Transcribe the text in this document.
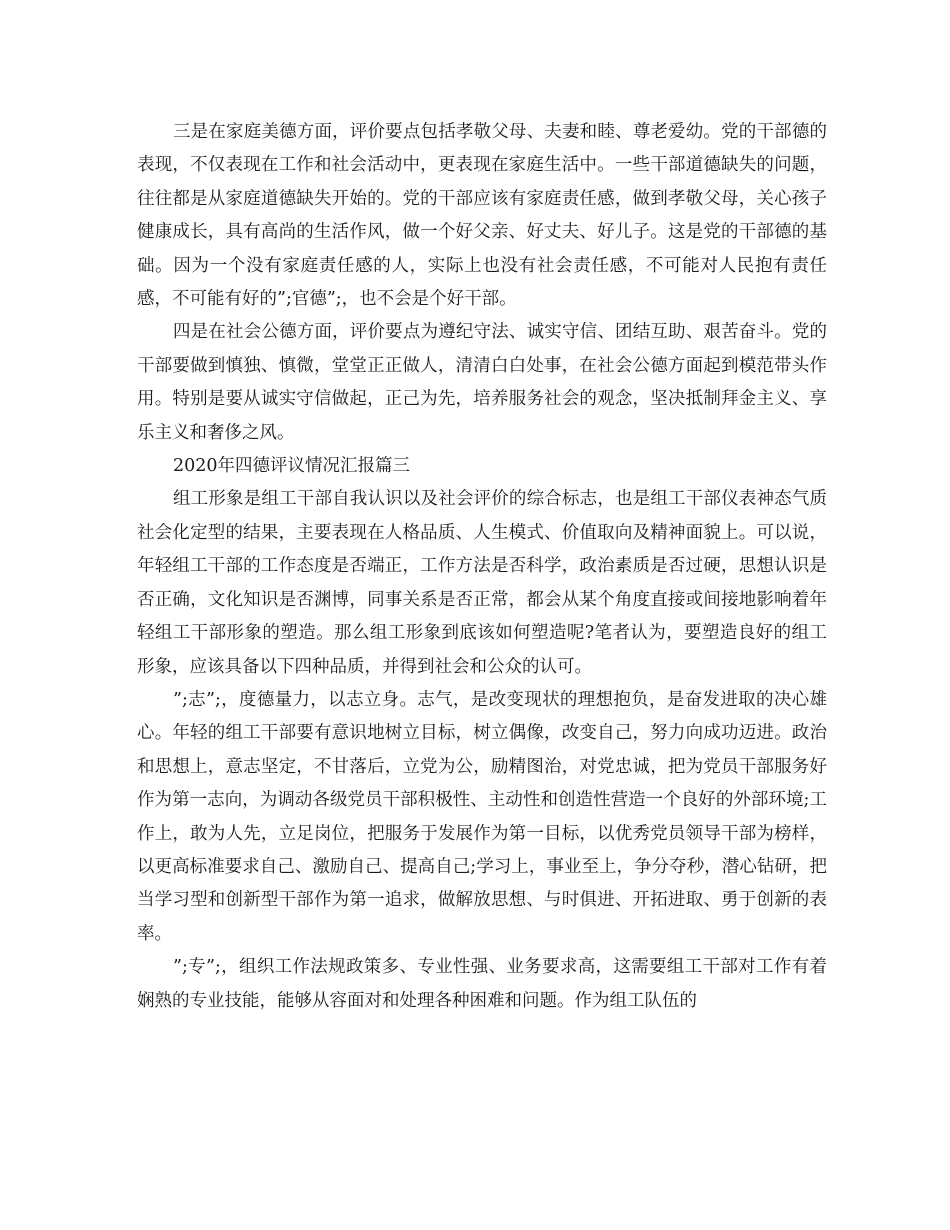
三是在家庭美德方面，评价要点包括孝敬父母、夫妻和睦、尊老爱幼。党的干部德的表现，不仅表现在工作和社会活动中，更表现在家庭生活中。一些干部道德缺失的问题，往往都是从家庭道德缺失开始的。党的干部应该有家庭责任感，做到孝敬父母，关心孩子健康成长，具有高尚的生活作风，做一个好父亲、好丈夫、好儿子。这是党的干部德的基础。因为一个没有家庭责任感的人，实际上也没有社会责任感，不可能对人民抱有责任感，不可能有好的”;官德”;，也不会是个好干部。

四是在社会公德方面，评价要点为遵纪守法、诚实守信、团结互助、艰苦奋斗。党的干部要做到慎独、慎微，堂堂正正做人，清清白白处事，在社会公德方面起到模范带头作用。特别是要从诚实守信做起，正己为先，培养服务社会的观念，坚决抵制拜金主义、享乐主义和奢侈之风。

2020年四德评议情况汇报篇三

组工形象是组工干部自我认识以及社会评价的综合标志，也是组工干部仪表神态气质社会化定型的结果，主要表现在人格品质、人生模式、价值取向及精神面貌上。可以说，年轻组工干部的工作态度是否端正，工作方法是否科学，政治素质是否过硬，思想认识是否正确，文化知识是否渊博，同事关系是否正常，都会从某个角度直接或间接地影响着年轻组工干部形象的塑造。那么组工形象到底该如何塑造呢?笔者认为，要塑造良好的组工形象，应该具备以下四种品质，并得到社会和公众的认可。

”;志”;，度德量力，以志立身。志气，是改变现状的理想抱负，是奋发进取的决心雄心。年轻的组工干部要有意识地树立目标，树立偶像，改变自己，努力向成功迈进。政治和思想上，意志坚定，不甘落后，立党为公，励精图治，对党忠诚，把为党员干部服务好作为第一志向，为调动各级党员干部积极性、主动性和创造性营造一个良好的外部环境;工作上，敢为人先，立足岗位，把服务于发展作为第一目标，以优秀党员领导干部为榜样，以更高标准要求自己、激励自己、提高自己;学习上，事业至上，争分夺秒，潜心钻研，把当学习型和创新型干部作为第一追求，做解放思想、与时俱进、开拓进取、勇于创新的表率。

”;专”;，组织工作法规政策多、专业性强、业务要求高，这需要组工干部对工作有着娴熟的专业技能，能够从容面对和处理各种困难和问题。作为组工队伍的
